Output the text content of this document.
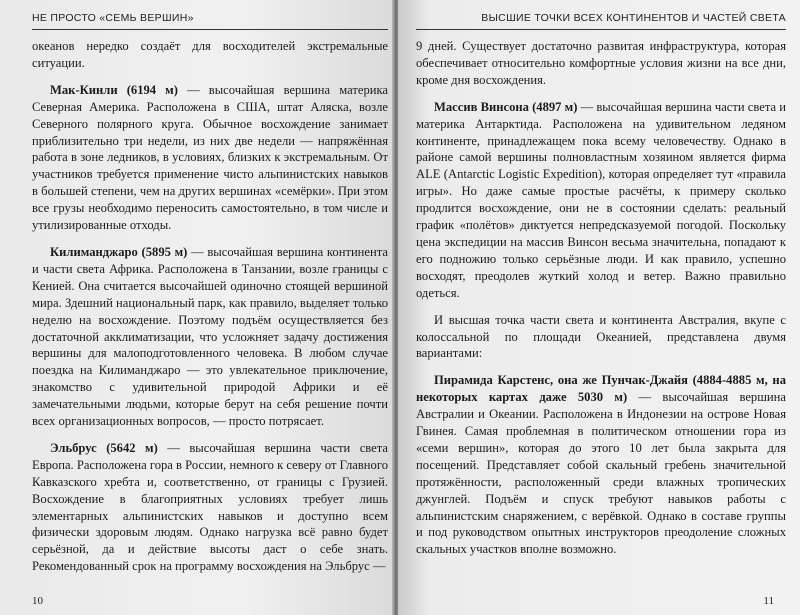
НЕ ПРОСТО «СЕМЬ ВЕРШИН»

океанов нередко создаёт для восходителей экстремальные ситуации.

Мак-Кинли (6194 м) — высочайшая вершина материка Северная Америка. Расположена в США, штат Аляска, возле Северного полярного круга. Обычное восхождение занимает приблизительно три недели, из них две недели — напряжённая работа в зоне ледников, в условиях, близких к экстремальным. От участников требуется применение чисто альпинистских навыков в большей степени, чем на других вершинах «семёрки». При этом все грузы необходимо переносить самостоятельно, в том числе и утилизированные отходы.

Килиманджаро (5895 м) — высочайшая вершина континента и части света Африка. Расположена в Танзании, возле границы с Кенией. Она считается высочайшей одиночно стоящей вершиной мира. Здешний национальный парк, как правило, выделяет только неделю на восхождение. Поэтому подъём осуществляется без достаточной акклиматизации, что усложняет задачу достижения вершины для малоподготовленного человека. В любом случае поездка на Килиманджаро — это увлекательное приключение, знакомство с удивительной природой Африки и её замечательными людьми, которые берут на себя решение почти всех организационных вопросов, — просто потрясает.

Эльбрус (5642 м) — высочайшая вершина части света Европа. Расположена гора в России, немного к северу от Главного Кавказского хребта и, соответственно, от границы с Грузией. Восхождение в благоприятных условиях требует лишь элементарных альпинистских навыков и доступно всем физически здоровым людям. Однако нагрузка всё равно будет серьёзной, да и действие высоты даст о себе знать. Рекомендованный срок на программу восхождения на Эльбрус —

10
ВЫСШИЕ ТОЧКИ ВСЕХ КОНТИНЕНТОВ И ЧАСТЕЙ СВЕТА

9 дней. Существует достаточно развитая инфраструктура, которая обеспечивает относительно комфортные условия жизни на все дни, кроме дня восхождения.

Массив Винсона (4897 м) — высочайшая вершина части света и материка Антарктида. Расположена на удивительном ледяном континенте, принадлежащем пока всему человечеству. Однако в районе самой вершины полновластным хозяином является фирма ALE (Antarctic Logistic Expedition), которая определяет тут «правила игры». Но даже самые простые расчёты, к примеру сколько продлится восхождение, они не в состоянии сделать: реальный график «полётов» диктуется непредсказуемой погодой. Поскольку цена экспедиции на массив Винсон весьма значительна, попадают к его подножию только серьёзные люди. И как правило, успешно восходят, преодолев жуткий холод и ветер. Важно правильно одеться.

И высшая точка части света и континента Австралия, вкупе с колоссальной по площади Океанией, представлена двумя вариантами:

Пирамида Карстенс, она же Пунчак-Джайя (4884-4885 м, на некоторых картах даже 5030 м) — высочайшая вершина Австралии и Океании. Расположена в Индонезии на острове Новая Гвинея. Самая проблемная в политическом отношении гора из «семи вершин», которая до этого 10 лет была закрыта для посещений. Представляет собой скальный гребень значительной протяжённости, расположенный среди влажных тропических джунглей. Подъём и спуск требуют навыков работы с альпинистским снаряжением, с верёвкой. Однако в составе группы и под руководством опытных инструкторов преодоление сложных скальных участков вполне возможно.

11
